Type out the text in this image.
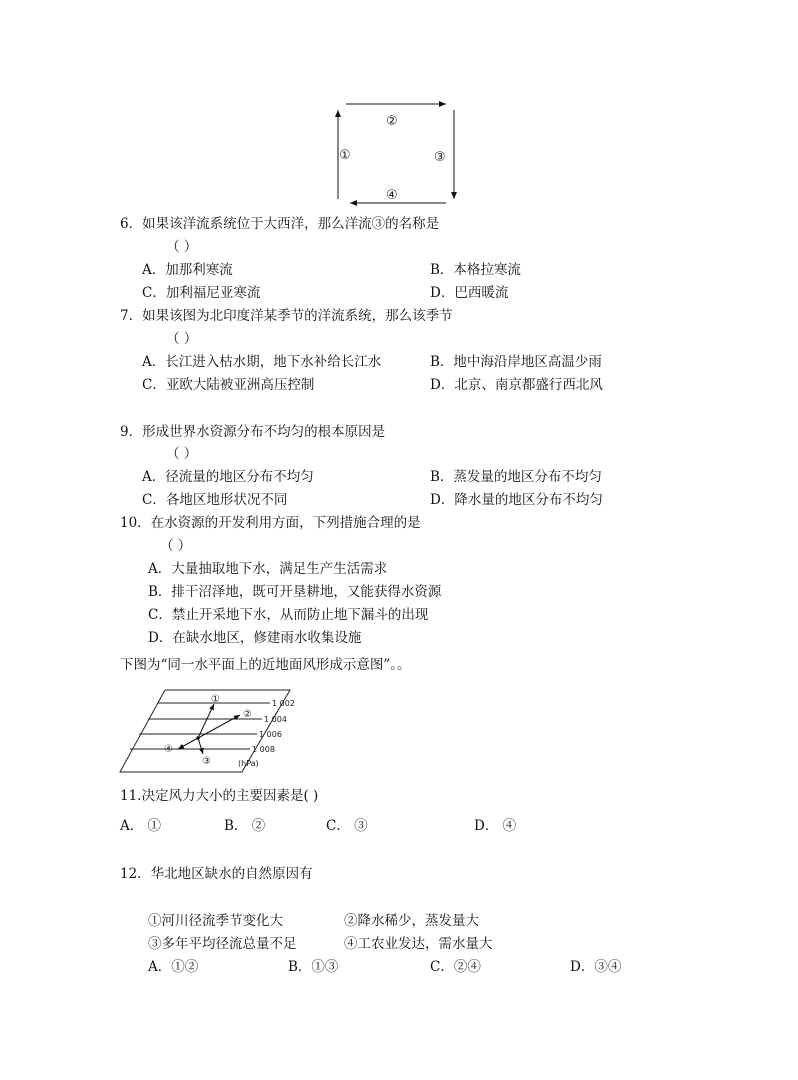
①
②
③
④
6．如果该洋流系统位于大西洋，那么洋流③的名称是
（ ）
A．加那利寒流	B．本格拉寒流
C．加利福尼亚寒流	D．巴西暖流
7．如果该图为北印度洋某季节的洋流系统，那么该季节
（ ）
A．长江进入枯水期，地下水补给长江水	B．地中海沿岸地区高温少雨
C．亚欧大陆被亚洲高压控制	D．北京、南京都盛行西北风
9．形成世界水资源分布不均匀的根本原因是
（ ）
A．径流量的地区分布不均匀	B．蒸发量的地区分布不均匀
C．各地区地形状况不同	D．降水量的地区分布不均匀
10．在水资源的开发利用方面，下列措施合理的是
（ ）
A．大量抽取地下水，满足生产生活需求
B．排干沼泽地，既可开垦耕地，又能获得水资源
C．禁止开采地下水，从而防止地下漏斗的出现
D．在缺水地区，修建雨水收集设施
下图为“同一水平面上的近地面风形成示意图”。。
1 002
1 004
1 006
1 008
(hPa)
①
②
③
④
11.决定风力大小的主要因素是( )
A． ①	B． ②	C． ③	D． ④
12．华北地区缺水的自然原因有
①河川径流季节变化大	②降水稀少，蒸发量大
③多年平均径流总量不足	④工农业发达，需水量大
A．①②	B．①③	C．②④	D．③④
